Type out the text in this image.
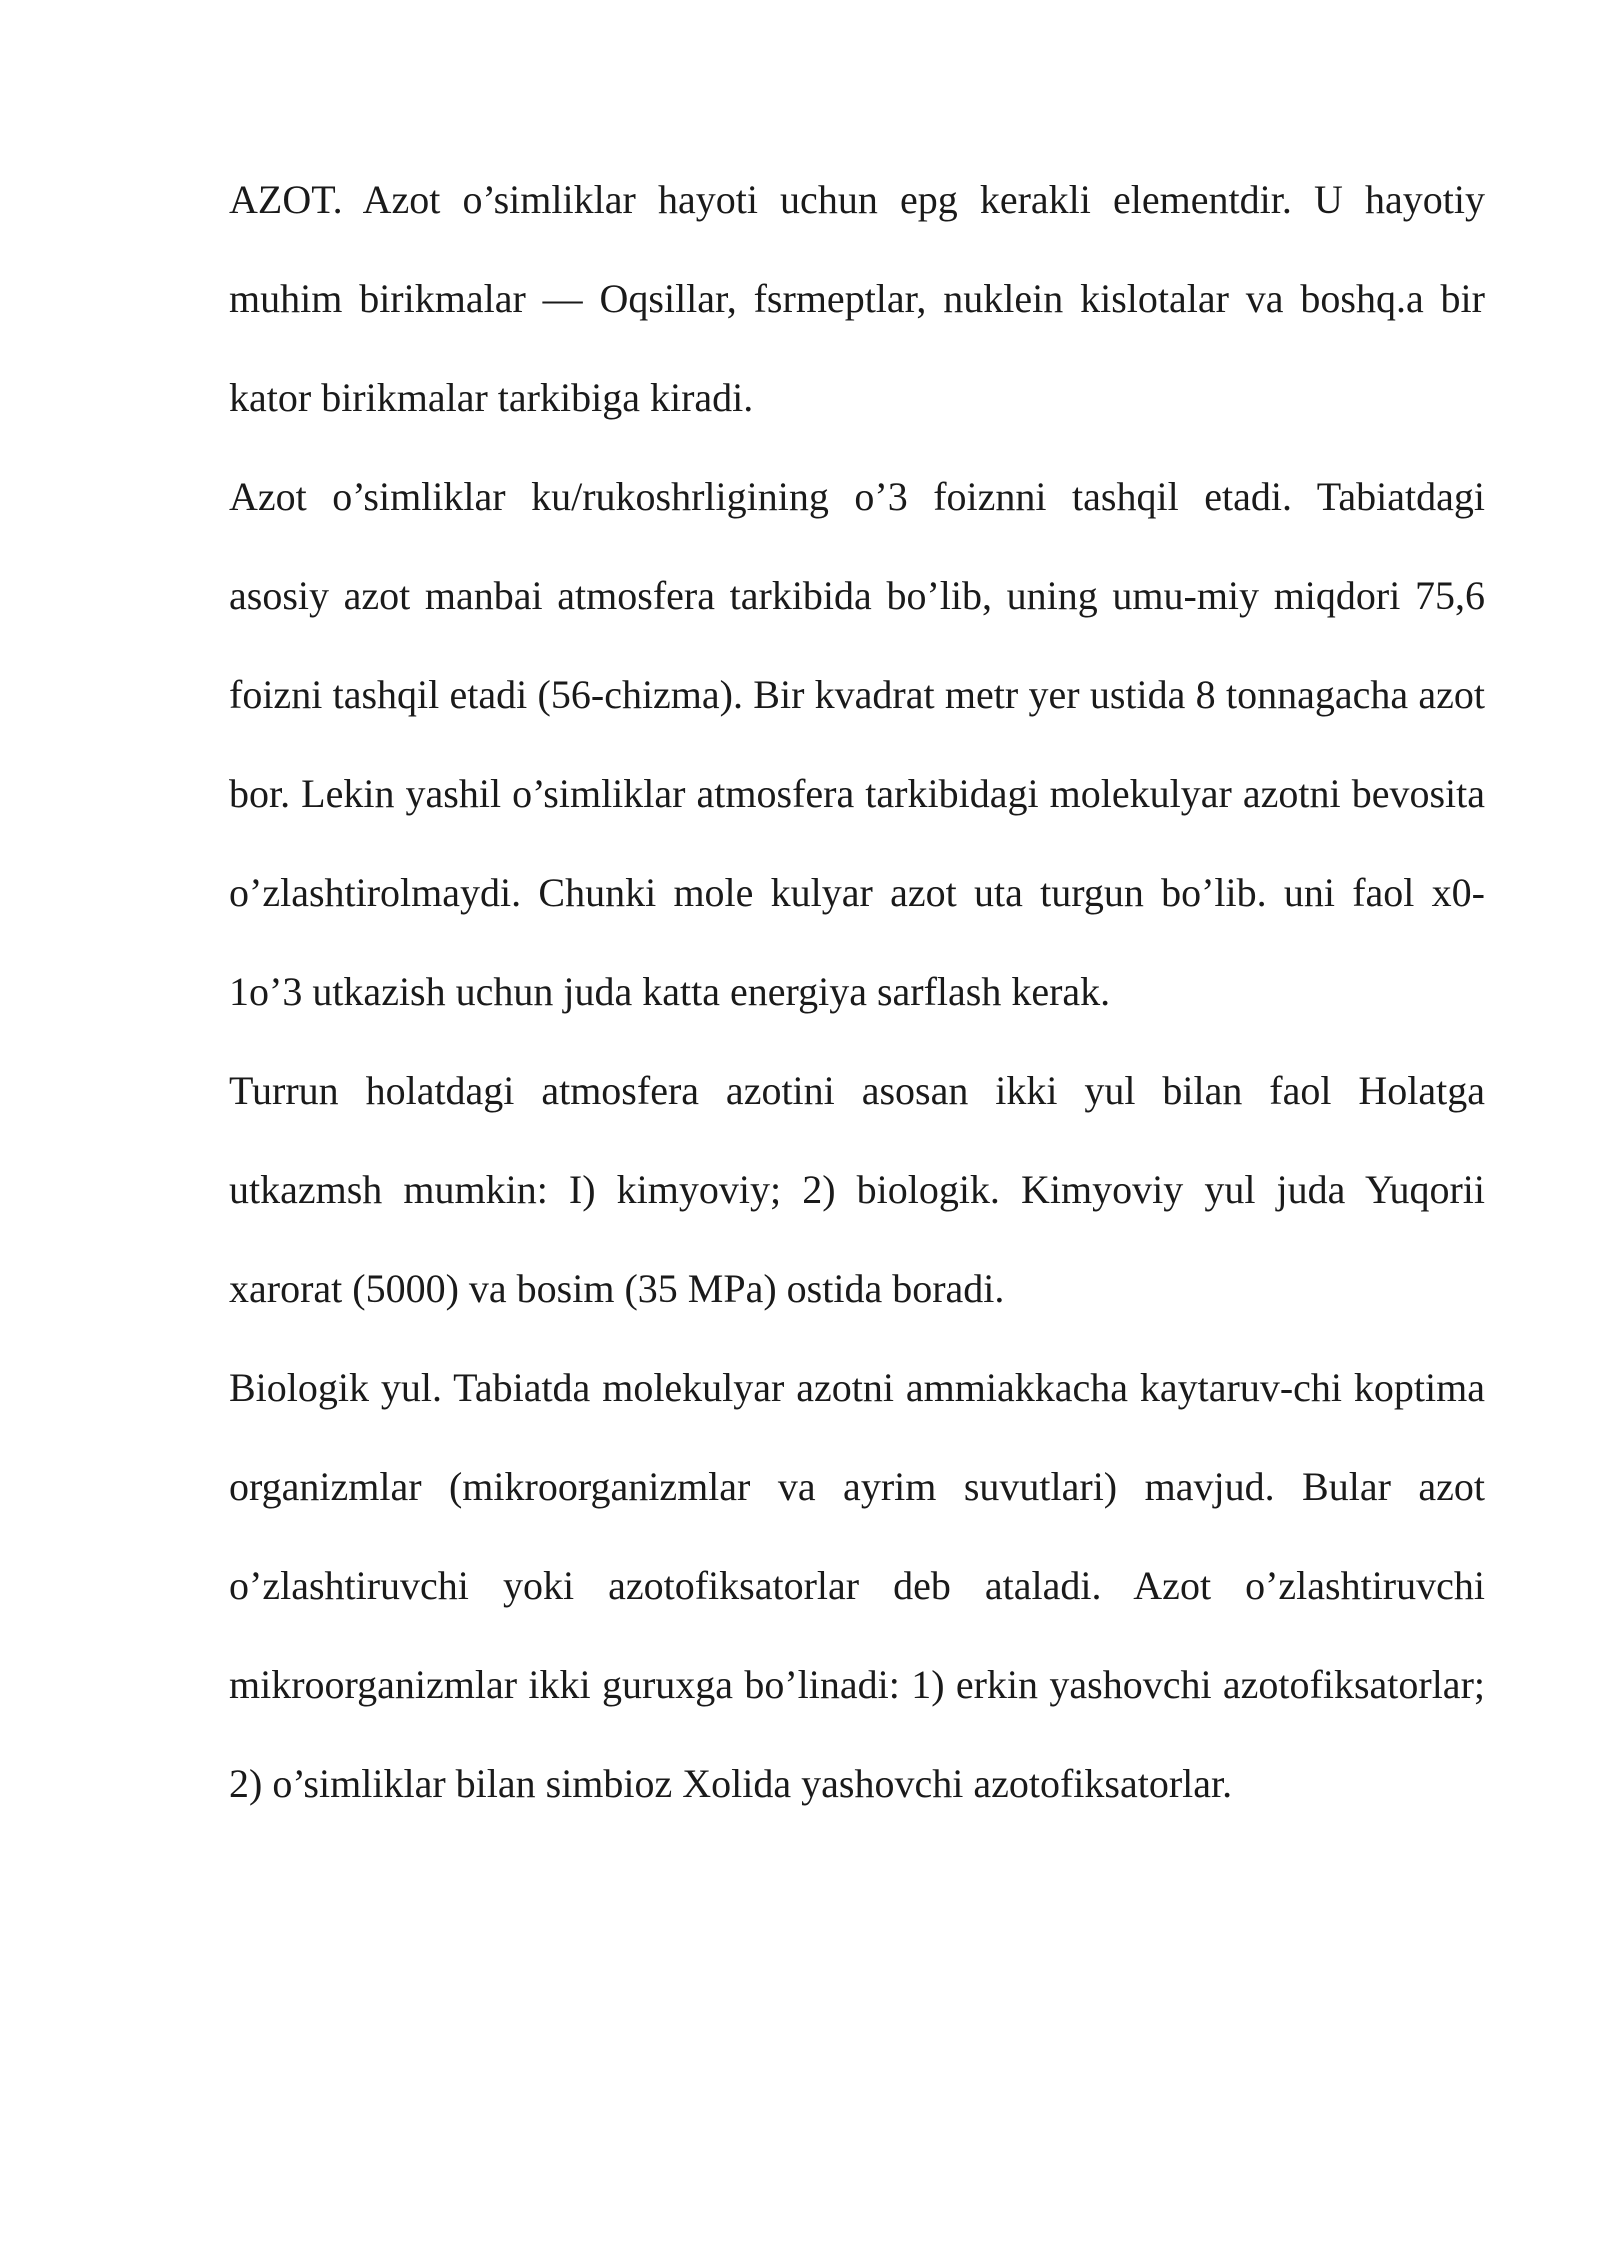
AZOT. Azot o’simliklar hayoti uchun epg kerakli elementdir. U hayotiy muhim birikmalar — Oqsillar, fsrmeptlar, nuklein kislotalar va boshq.a bir kator birikmalar tarkibiga kiradi.

Azot o’simliklar ku/rukoshrligining o’3 foiznni tashqil etadi. Tabiatdagi asosiy azot manbai atmosfera tarkibida bo’lib, uning umu-miy miqdori 75,6 foizni tashqil etadi (56-chizma). Bir kvadrat metr yer ustida 8 tonnagacha azot bor. Lekin yashil o’simliklar atmosfera tarkibidagi molekulyar azotni bevosita o’zlashtirolmaydi. Chunki mole kulyar azot uta turgun bo’lib. uni faol x0-1o’3 utkazish uchun juda katta energiya sarflash kerak.

Turrun holatdagi atmosfera azotini asosan ikki yul bilan faol Holatga utkazmsh mumkin: I) kimyoviy; 2) biologik. Kimyoviy yul juda Yuqorii xarorat (5000) va bosim (35 MPa) ostida boradi.

Biologik yul. Tabiatda molekulyar azotni ammiakkacha kaytaruv-chi koptima organizmlar (mikroorganizmlar va ayrim suvutlari) mavjud. Bular azot o’zlashtiruvchi yoki azotofiksatorlar deb ataladi. Azot o’zlashtiruvchi mikroorganizmlar ikki guruxga bo’linadi: 1) erkin yashovchi azotofiksatorlar; 2) o’simliklar bilan simbioz Xolida yashovchi azotofiksatorlar.
